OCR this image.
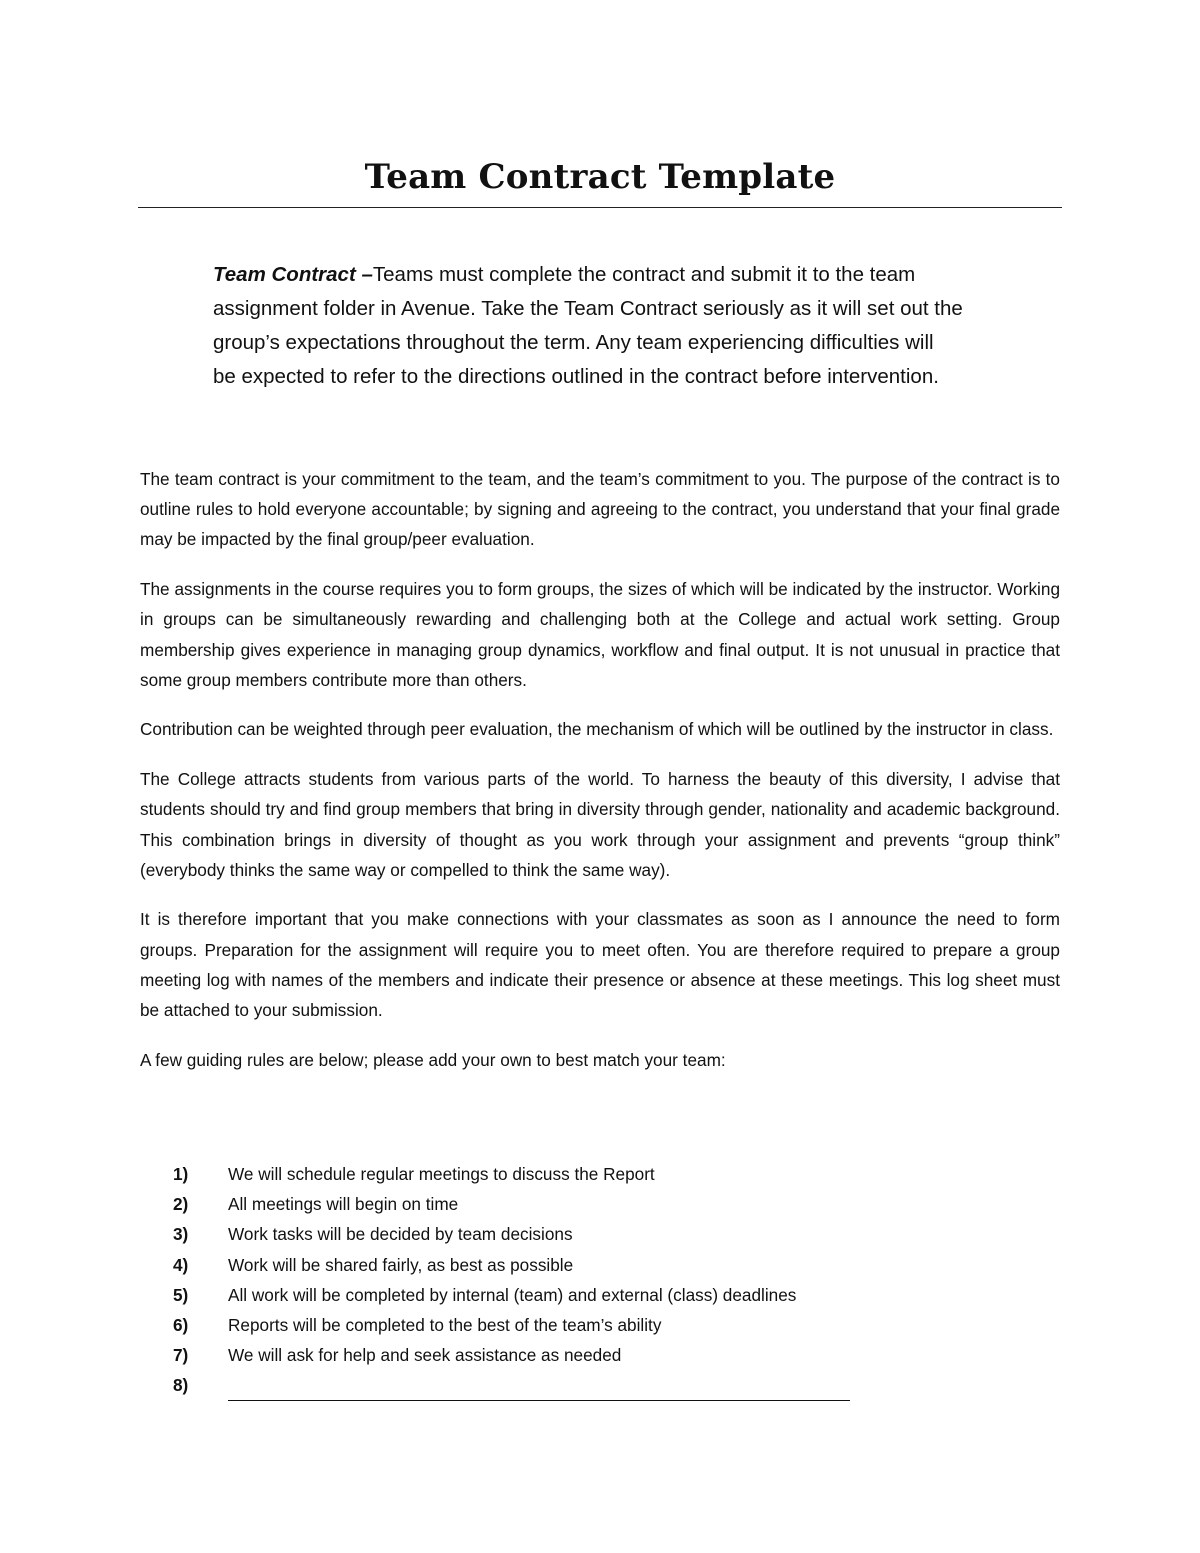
Team Contract Template
Team Contract –Teams must complete the contract and submit it to the team
assignment folder in Avenue. Take the Team Contract seriously as it will set out the
group’s expectations throughout the term. Any team experiencing difficulties will
be expected to refer to the directions outlined in the contract before intervention.

The team contract is your commitment to the team, and the team’s commitment to you. The purpose of the contract is to outline rules to hold everyone accountable; by signing and agreeing to the contract, you understand that your final grade may be impacted by the final group/peer evaluation.

The assignments in the course requires you to form groups, the sizes of which will be indicated by the instructor. Working in groups can be simultaneously rewarding and challenging both at the College and actual work setting. Group membership gives experience in managing group dynamics, workflow and final output. It is not unusual in practice that some group members contribute more than others.

Contribution can be weighted through peer evaluation, the mechanism of which will be outlined by the instructor in class.

The College attracts students from various parts of the world. To harness the beauty of this diversity, I advise that students should try and find group members that bring in diversity through gender, nationality and academic background. This combination brings in diversity of thought as you work through your assignment and prevents “group think” (everybody thinks the same way or compelled to think the same way).

It is therefore important that you make connections with your classmates as soon as I announce the need to form groups. Preparation for the assignment will require you to meet often. You are therefore required to prepare a group meeting log with names of the members and indicate their presence or absence at these meetings. This log sheet must be attached to your submission.

A few guiding rules are below; please add your own to best match your team:

1) We will schedule regular meetings to discuss the Report
2) All meetings will begin on time
3) Work tasks will be decided by team decisions
4) Work will be shared fairly, as best as possible
5) All work will be completed by internal (team) and external (class) deadlines
6) Reports will be completed to the best of the team’s ability
7) We will ask for help and seek assistance as needed
8)
